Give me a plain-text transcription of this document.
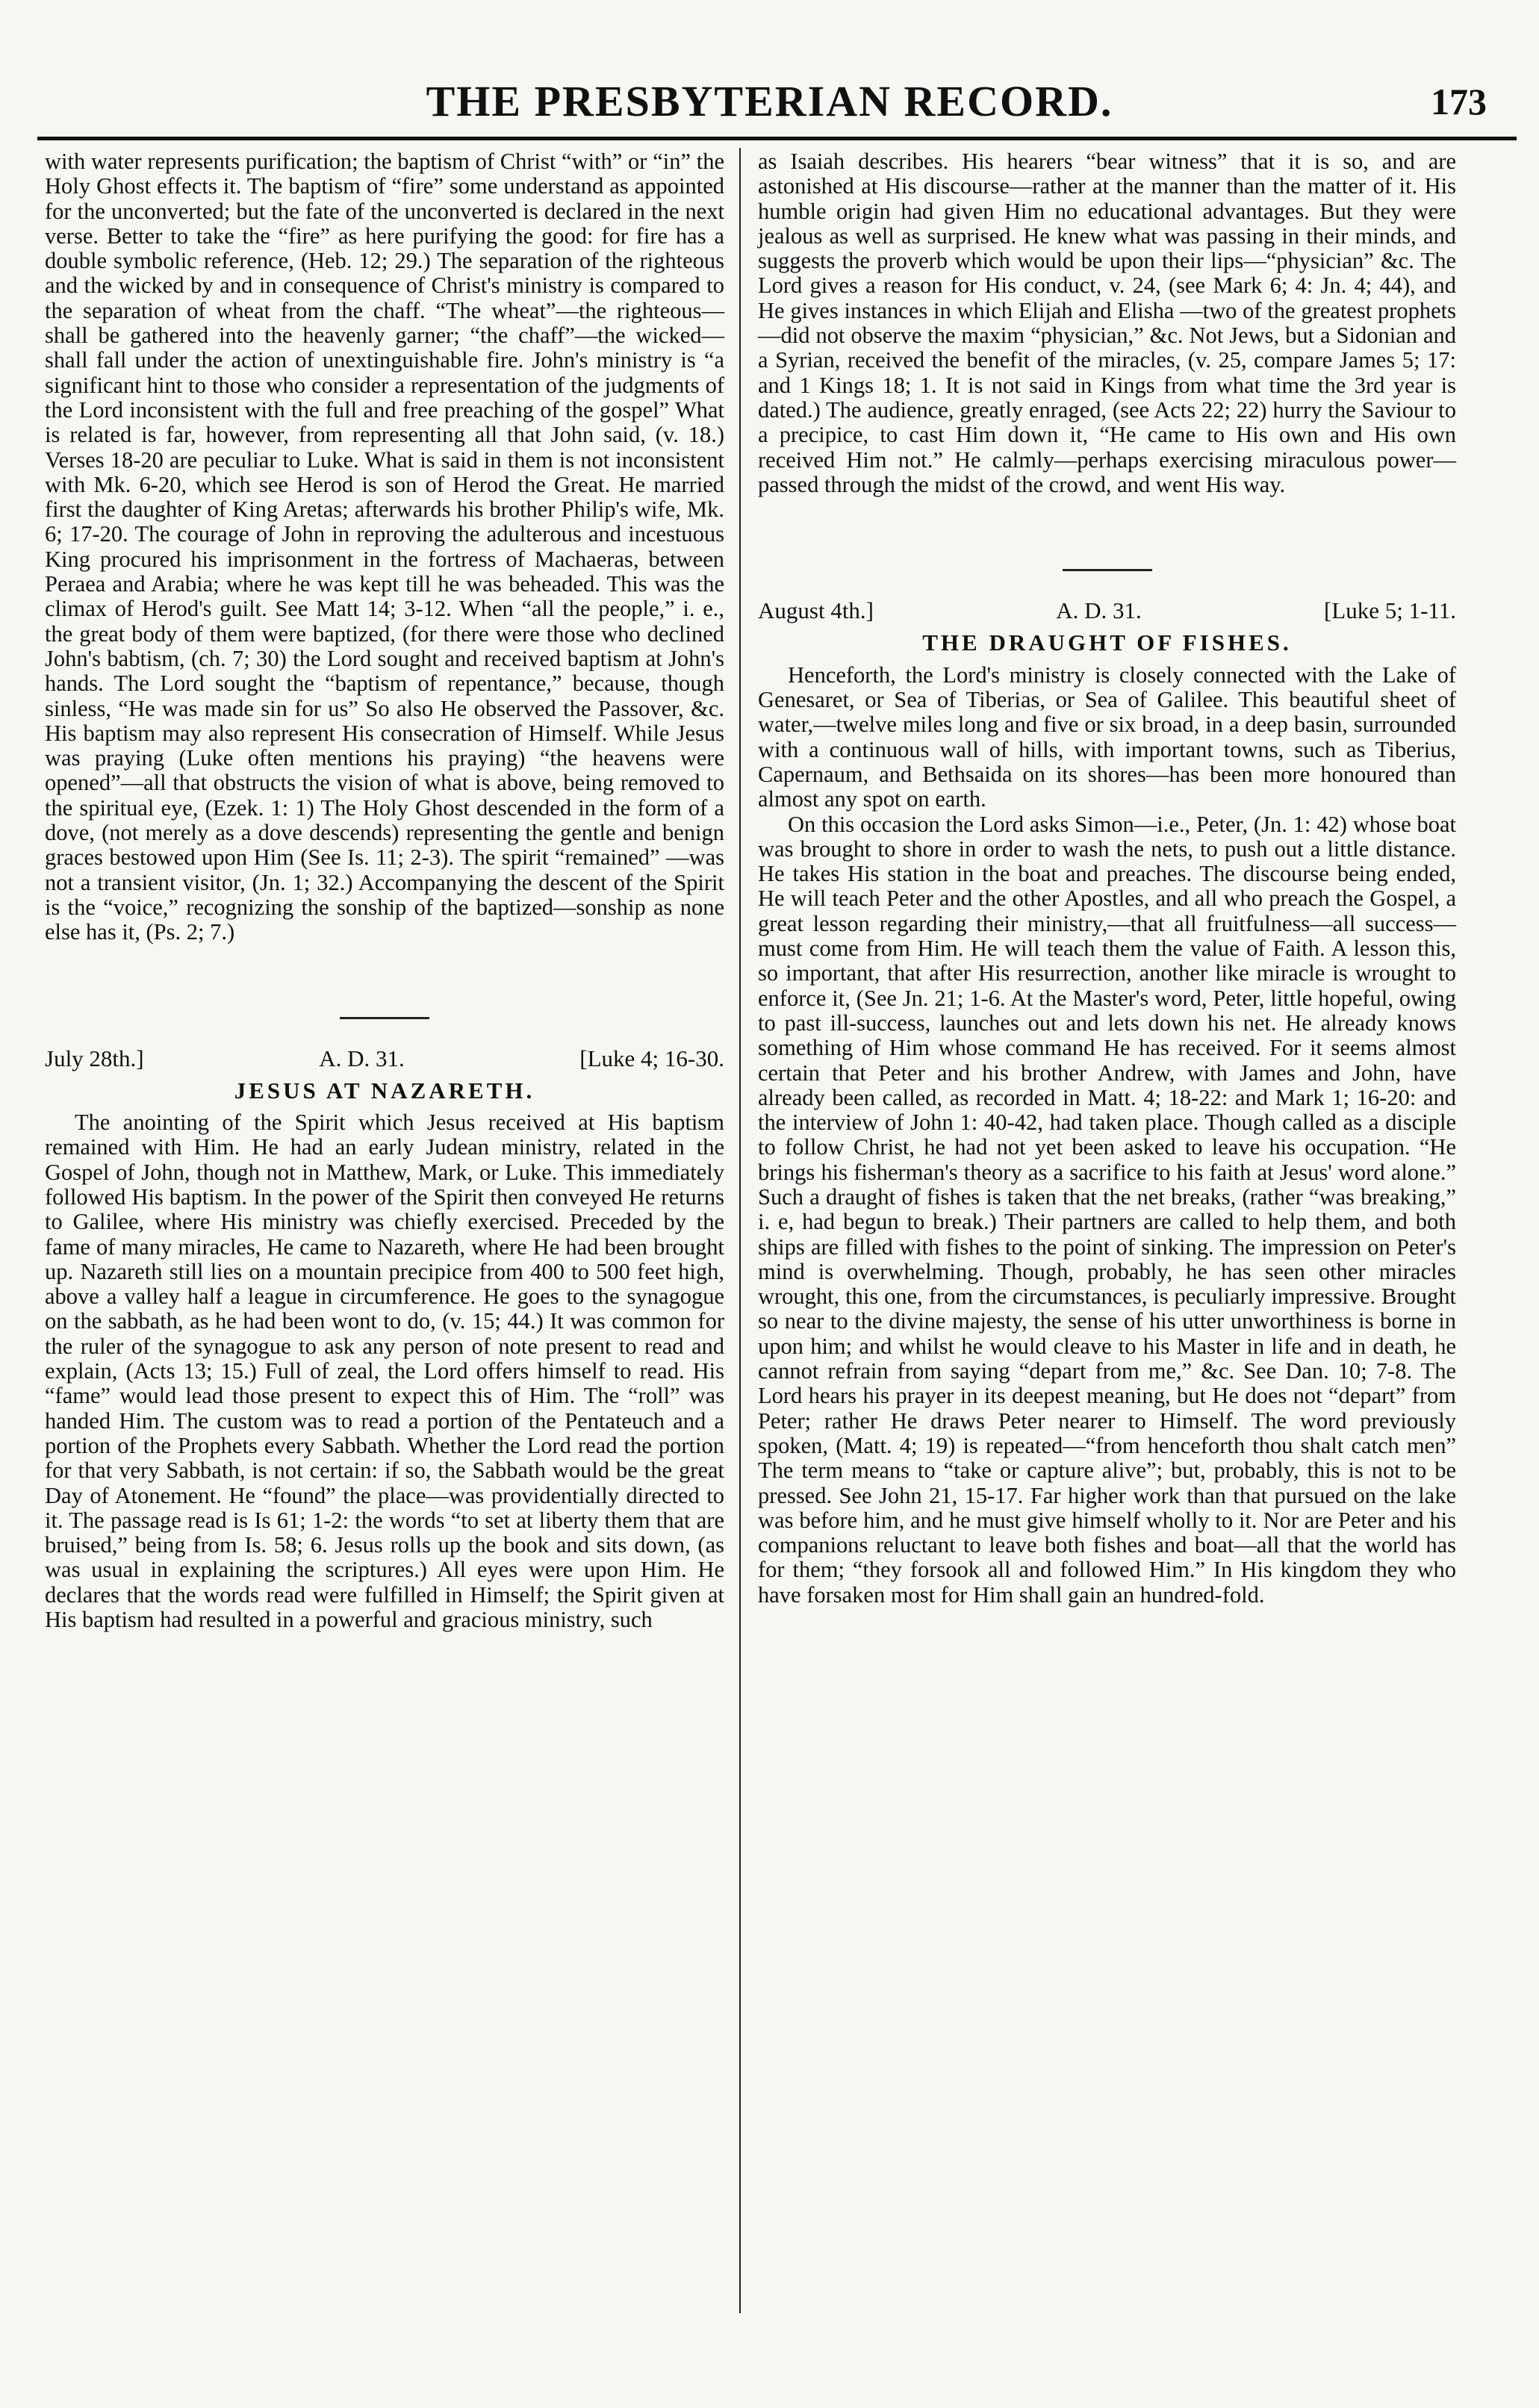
THE PRESBYTERIAN RECORD.	173

with water represents purification; the baptism of Christ “with” or “in” the Holy Ghost effects it. The baptism of “fire” some understand as appointed for the unconverted; but the fate of the unconverted is declared in the next verse. Better to take the “fire” as here purifying the good: for fire has a double symbolic reference, (Heb. 12; 29.) The separation of the righteous and the wicked by and in consequence of Christ's ministry is compared to the separation of wheat from the chaff. “The wheat”—the righteous—shall be gathered into the heavenly garner; “the chaff”—the wicked—shall fall under the action of unextinguishable fire. John's ministry is “a significant hint to those who consider a representation of the judgments of the Lord inconsistent with the full and free preaching of the gospel” What is related is far, however, from representing all that John said, (v. 18.) Verses 18-20 are peculiar to Luke. What is said in them is not inconsistent with Mk. 6-20, which see Herod is son of Herod the Great. He married first the daughter of King Aretas; afterwards his brother Philip's wife, Mk. 6; 17-20. The courage of John in reproving the adulterous and incestuous King procured his imprisonment in the fortress of Machaeras, between Peraea and Arabia; where he was kept till he was beheaded. This was the climax of Herod's guilt. See Matt 14; 3-12. When “all the people,” i. e., the great body of them were baptized, (for there were those who declined John's babtism, (ch. 7; 30) the Lord sought and received baptism at John's hands. The Lord sought the “baptism of repentance,” because, though sinless, “He was made sin for us” So also He observed the Passover, &c. His baptism may also represent His consecration of Himself. While Jesus was praying (Luke often mentions his praying) “the heavens were opened”—all that obstructs the vision of what is above, being removed to the spiritual eye, (Ezek. 1: 1) The Holy Ghost descended in the form of a dove, (not merely as a dove descends) representing the gentle and benign graces bestowed upon Him (See Is. 11; 2-3). The spirit “remained” —was not a transient visitor, (Jn. 1; 32.) Accompanying the descent of the Spirit is the “voice,” recognizing the sonship of the baptized—sonship as none else has it, (Ps. 2; 7.)

July 28th.]	A. D. 31.	[Luke 4; 16-30.
JESUS AT NAZARETH.

The anointing of the Spirit which Jesus received at His baptism remained with Him. He had an early Judean ministry, related in the Gospel of John, though not in Matthew, Mark, or Luke. This immediately followed His baptism. In the power of the Spirit then conveyed He returns to Galilee, where His ministry was chiefly exercised. Preceded by the fame of many miracles, He came to Nazareth, where He had been brought up. Nazareth still lies on a mountain precipice from 400 to 500 feet high, above a valley half a league in circumference. He goes to the synagogue on the sabbath, as he had been wont to do, (v. 15; 44.) It was common for the ruler of the synagogue to ask any person of note present to read and explain, (Acts 13; 15.) Full of zeal, the Lord offers himself to read. His “fame” would lead those present to expect this of Him. The “roll” was handed Him. The custom was to read a portion of the Pentateuch and a portion of the Prophets every Sabbath. Whether the Lord read the portion for that very Sabbath, is not certain: if so, the Sabbath would be the great Day of Atonement. He “found” the place—was providentially directed to it. The passage read is Is 61; 1-2: the words “to set at liberty them that are bruised,” being from Is. 58; 6. Jesus rolls up the book and sits down, (as was usual in explaining the scriptures.) All eyes were upon Him. He declares that the words read were fulfilled in Himself; the Spirit given at His baptism had resulted in a powerful and gracious ministry, such

as Isaiah describes. His hearers “bear witness” that it is so, and are astonished at His discourse—rather at the manner than the matter of it. His humble origin had given Him no educational advantages. But they were jealous as well as surprised. He knew what was passing in their minds, and suggests the proverb which would be upon their lips—“physician” &c. The Lord gives a reason for His conduct, v. 24, (see Mark 6; 4: Jn. 4; 44), and He gives instances in which Elijah and Elisha —two of the greatest prophets—did not observe the maxim “physician,” &c. Not Jews, but a Sidonian and a Syrian, received the benefit of the miracles, (v. 25, compare James 5; 17: and 1 Kings 18; 1. It is not said in Kings from what time the 3rd year is dated.) The audience, greatly enraged, (see Acts 22; 22) hurry the Saviour to a precipice, to cast Him down it, “He came to His own and His own received Him not.” He calmly—perhaps exercising miraculous power—passed through the midst of the crowd, and went His way.

August 4th.]	A. D. 31.	[Luke 5; 1-11.
THE DRAUGHT OF FISHES.

Henceforth, the Lord's ministry is closely connected with the Lake of Genesaret, or Sea of Tiberias, or Sea of Galilee. This beautiful sheet of water,—twelve miles long and five or six broad, in a deep basin, surrounded with a continuous wall of hills, with important towns, such as Tiberius, Capernaum, and Bethsaida on its shores—has been more honoured than almost any spot on earth.

On this occasion the Lord asks Simon—i.e., Peter, (Jn. 1: 42) whose boat was brought to shore in order to wash the nets, to push out a little distance. He takes His station in the boat and preaches. The discourse being ended, He will teach Peter and the other Apostles, and all who preach the Gospel, a great lesson regarding their ministry,—that all fruitfulness—all success—must come from Him. He will teach them the value of Faith. A lesson this, so important, that after His resurrection, another like miracle is wrought to enforce it, (See Jn. 21; 1-6. At the Master's word, Peter, little hopeful, owing to past ill-success, launches out and lets down his net. He already knows something of Him whose command He has received. For it seems almost certain that Peter and his brother Andrew, with James and John, have already been called, as recorded in Matt. 4; 18-22: and Mark 1; 16-20: and the interview of John 1: 40-42, had taken place. Though called as a disciple to follow Christ, he had not yet been asked to leave his occupation. “He brings his fisherman's theory as a sacrifice to his faith at Jesus' word alone.” Such a draught of fishes is taken that the net breaks, (rather “was breaking,” i. e, had begun to break.) Their partners are called to help them, and both ships are filled with fishes to the point of sinking. The impression on Peter's mind is overwhelming. Though, probably, he has seen other miracles wrought, this one, from the circumstances, is peculiarly impressive. Brought so near to the divine majesty, the sense of his utter unworthiness is borne in upon him; and whilst he would cleave to his Master in life and in death, he cannot refrain from saying “depart from me,” &c. See Dan. 10; 7-8. The Lord hears his prayer in its deepest meaning, but He does not “depart” from Peter; rather He draws Peter nearer to Himself. The word previously spoken, (Matt. 4; 19) is repeated—“from henceforth thou shalt catch men” The term means to “take or capture alive”; but, probably, this is not to be pressed. See John 21, 15-17. Far higher work than that pursued on the lake was before him, and he must give himself wholly to it. Nor are Peter and his companions reluctant to leave both fishes and boat—all that the world has for them; “they forsook all and followed Him.” In His kingdom they who have forsaken most for Him shall gain an hundred-fold.
